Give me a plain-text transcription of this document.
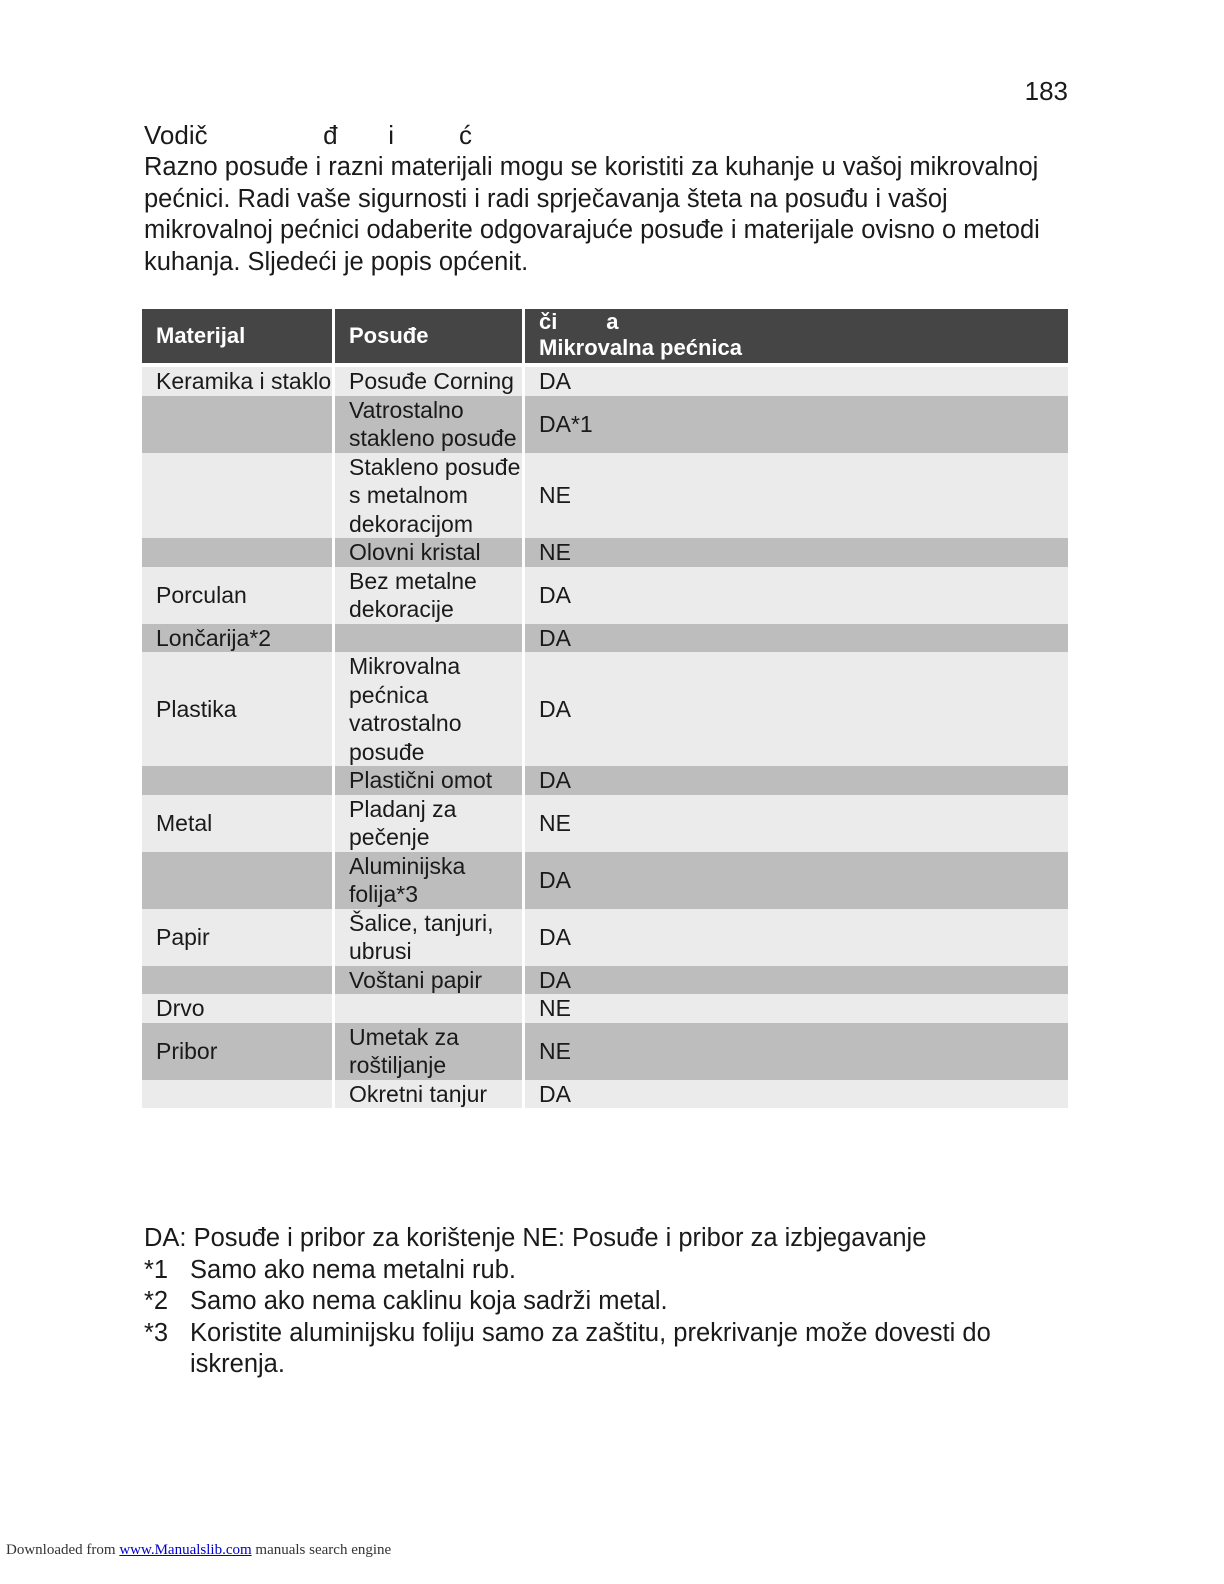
183
Vodič                đ       i         ć
Razno posuđe i razni materijali mogu se koristiti za kuhanje u vašoj mikrovalnoj
pećnici. Radi vaše sigurnosti i radi sprječavanja šteta na posuđu i vašoj
mikrovalnoj pećnici odaberite odgovarajuće posuđe i materijale ovisno o metodi
kuhanja. Sljedeći je popis općenit.
Materijal	Posuđe	či        a
Mikrovalna pećnica

Keramika i staklo	Posuđe Corning	DA
	Vatrostalno stakleno posuđe	DA*1
	Stakleno posuđe s metalnom dekoracijom	NE
	Olovni kristal	NE
Porculan	Bez metalne dekoracije	DA
Lončarija*2		DA
Plastika	Mikrovalna pećnica vatrostalno posuđe	DA
	Plastični omot	DA
Metal	Pladanj za pečenje	NE
	Aluminijska folija*3	DA
Papir	Šalice, tanjuri, ubrusi	DA
	Voštani papir	DA
Drvo		NE
Pribor	Umetak za roštiljanje	NE
	Okretni tanjur	DA
DA: Posuđe i pribor za korištenje NE: Posuđe i pribor za izbjegavanje
*1 Samo ako nema metalni rub.
*2 Samo ako nema caklinu koja sadrži metal.
*3 Koristite aluminijsku foliju samo za zaštitu, prekrivanje može dovesti do iskrenja.
Downloaded from www.Manualslib.com manuals search engine
